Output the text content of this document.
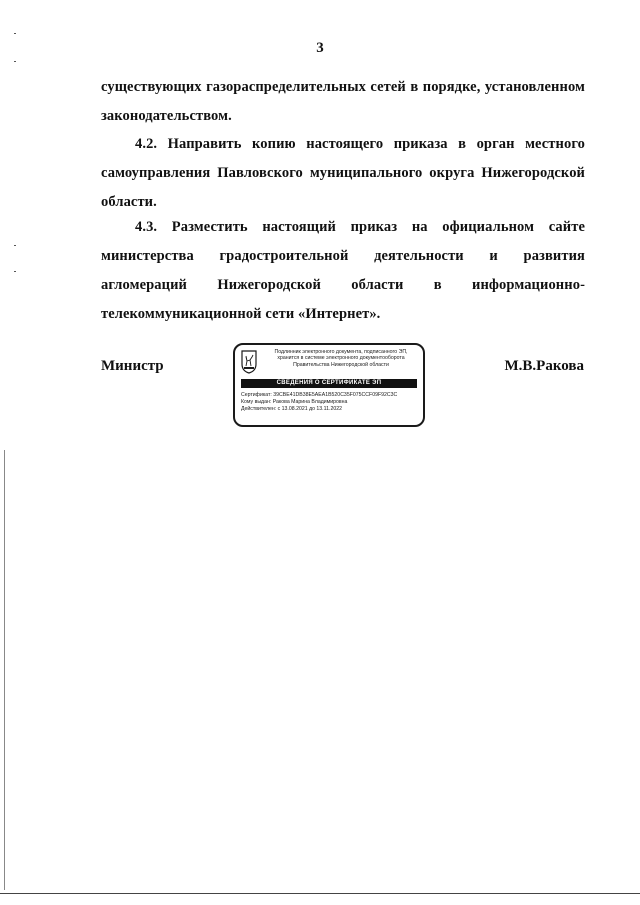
3
существующих газораспределительных сетей в порядке, установленном законодательством.
4.2. Направить копию настоящего приказа в орган местного самоуправления Павловского муниципального округа Нижегородской области.
4.3. Разместить настоящий приказ на официальном сайте министерства градостроительной деятельности и развития агломераций Нижегородской области в информационно-телекоммуникационной сети «Интернет».
Министр	М.В.Ракова
Подлинник электронного документа, подписанного ЭП,
хранится в системе электронного документооборота
Правительства Нижегородской области
СВЕДЕНИЯ О СЕРТИФИКАТЕ ЭП
Сертификат: 39CBE41DB38E5AEA1B520C35F075CCF09F92C3C
Кому выдан: Ракова Марина Владимировна
Действителен: с 13.08.2021 до 13.11.2022
